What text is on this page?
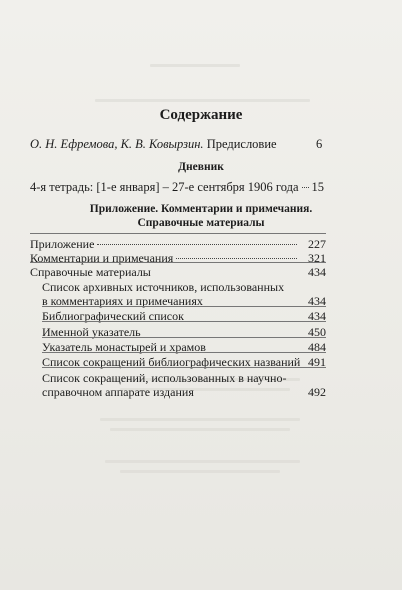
Содержание
О. Н. Ефремова, К. В. Ковырзин. Предисловие	6
Дневник
4-я тетрадь: [1-е января] – 27-е сентября 1906 года 15
Приложение. Комментарии и примечания.
Справочные материалы
Приложение	227
Комментарии и примечания	321
Справочные материалы	434
Список архивных источников, использованных
в комментариях и примечаниях	434
Библиографический список	434
Именной указатель	450
Указатель монастырей и храмов	484
Список сокращений библиографических названий 491
Список сокращений, использованных в научно-
справочном аппарате издания	492
